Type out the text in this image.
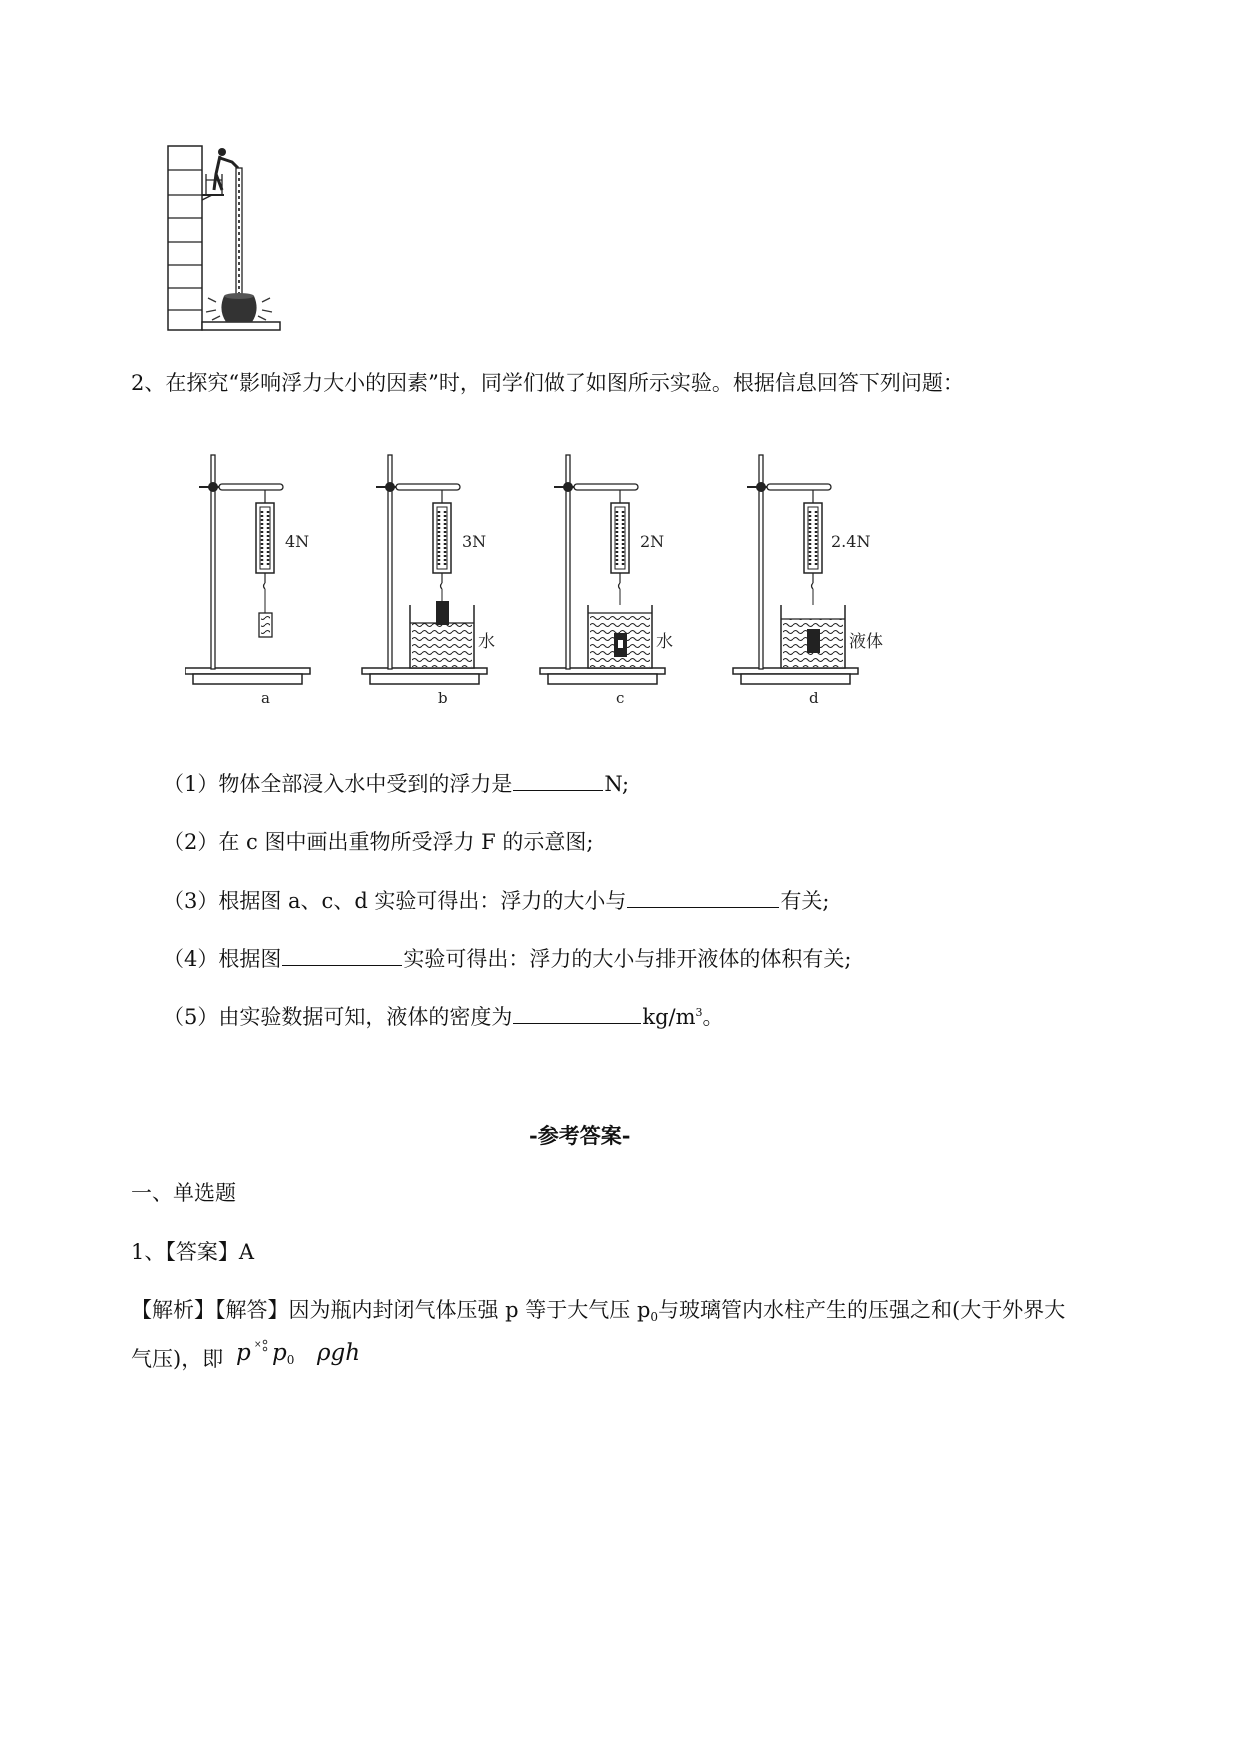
2、在探究“影响浮力大小的因素”时，同学们做了如图所示实验。根据信息回答下列问题：
4N
a
3N
水
b
2N
水
c
2.4N
液体
d
（1）物体全部浸入水中受到的浮力是	N;
（2）在 c 图中画出重物所受浮力 F 的示意图;
（3）根据图 a、c、d 实验可得出：浮力的大小与	有关;
（4）根据图	实验可得出：浮力的大小与排开液体的体积有关;
（5）由实验数据可知，液体的密度为	$kg/m^3$。
-参考答案-
一、单选题
1、【答案】A
【解析】【解答】因为瓶内封闭气体压强 p 等于大气压 p0与玻璃管内水柱产生的压强之和(大于外界大
气压)，即 p × p0 ρgh
